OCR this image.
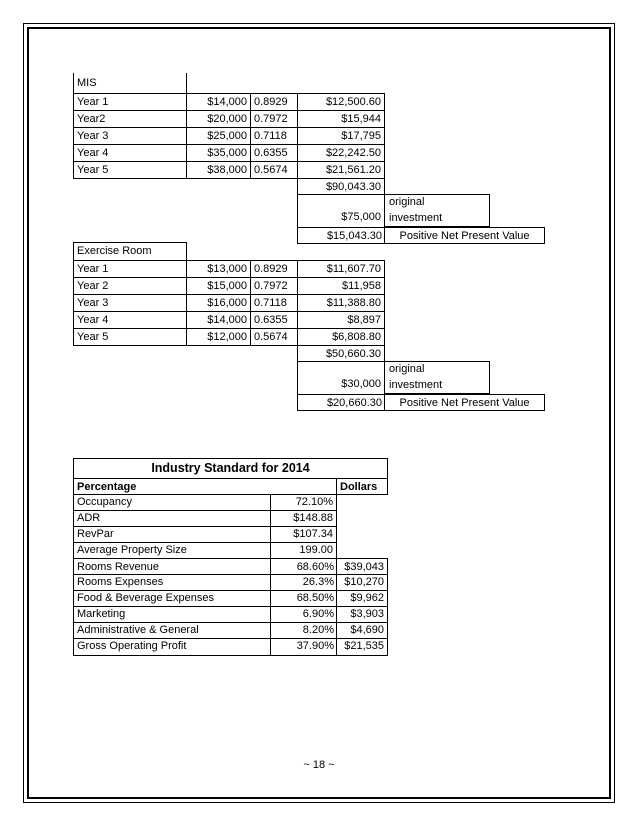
MIS
Year 1	$14,000 0.8929	$12,500.60
Year2	$20,000 0.7972	$15,944
Year 3	$25,000 0.7118	$17,795
Year 4	$35,000 0.6355	$22,242.50
Year 5	$38,000 0.5674	$21,561.20
$90,043.30
$75,000
original
investment
$15,043.30	Positive Net Present Value
Exercise Room
Year 1	$13,000 0.8929	$11,607.70
Year 2	$15,000 0.7972	$11,958
Year 3	$16,000 0.7118	$11,388.80
Year 4	$14,000 0.6355	$8,897
Year 5	$12,000 0.5674	$6,808.80
$50,660.30
$30,000
original
investment
$20,660.30	Positive Net Present Value
Industry Standard for 2014
Percentage	Dollars
Occupancy	72.10%
ADR	$148.88
RevPar	$107.34
Average Property Size	199.00
Rooms Revenue	68.60% $39,043
Rooms Expenses	26.3% $10,270
Food & Beverage Expenses	68.50%	$9,962
Marketing	6.90%	$3,903
Administrative & General	8.20%	$4,690
Gross Operating Profit	37.90% $21,535
~ 18 ~
